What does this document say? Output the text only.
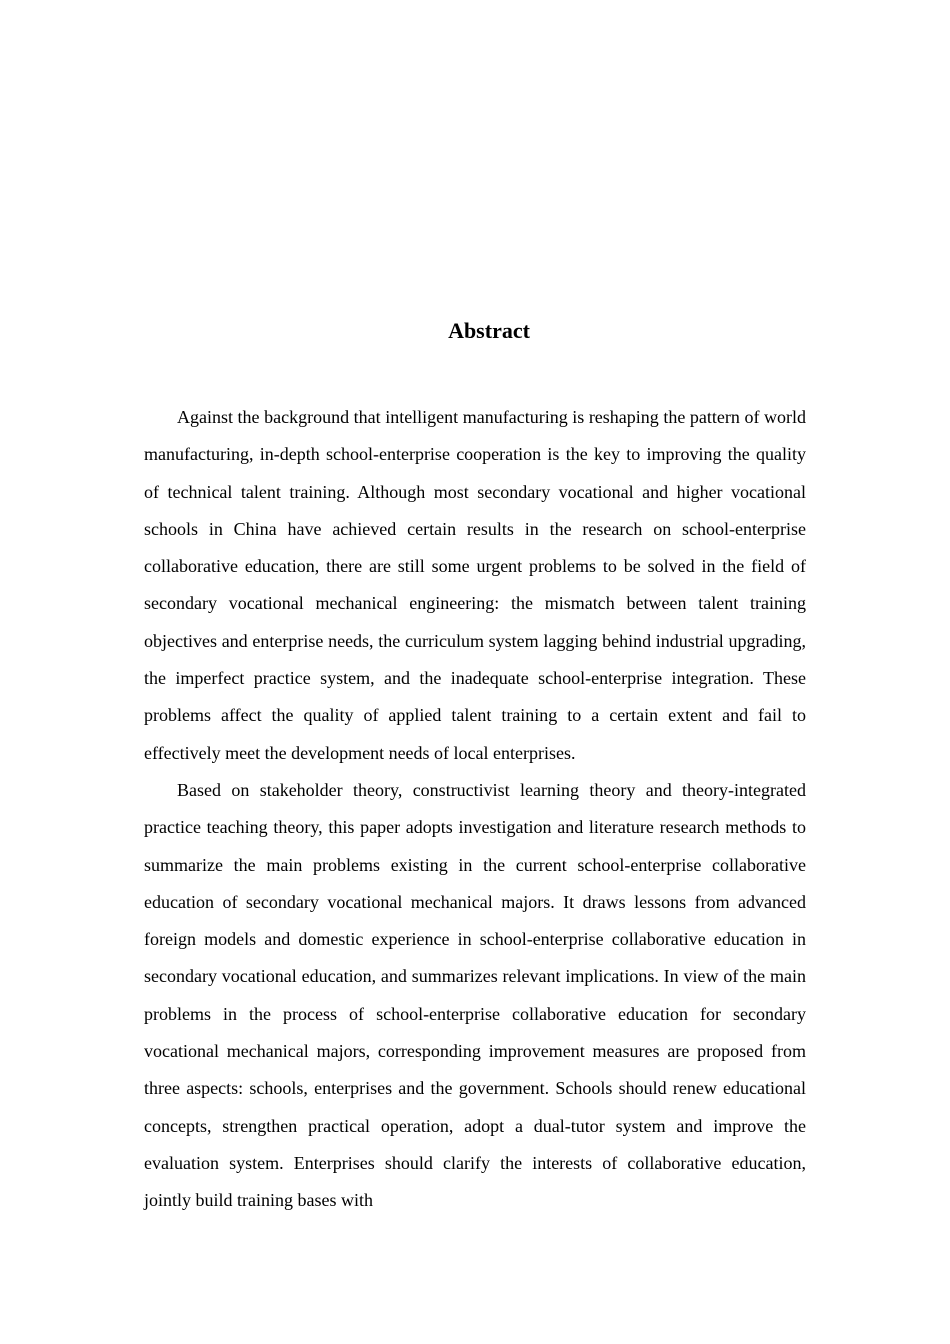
Abstract

Against the background that intelligent manufacturing is reshaping the pattern of world manufacturing, in-depth school-enterprise cooperation is the key to improving the quality of technical talent training. Although most secondary vocational and higher vocational schools in China have achieved certain results in the research on school-enterprise collaborative education, there are still some urgent problems to be solved in the field of secondary vocational mechanical engineering: the mismatch between talent training objectives and enterprise needs, the curriculum system lagging behind industrial upgrading, the imperfect practice system, and the inadequate school-enterprise integration. These problems affect the quality of applied talent training to a certain extent and fail to effectively meet the development needs of local enterprises.

Based on stakeholder theory, constructivist learning theory and theory-integrated practice teaching theory, this paper adopts investigation and literature research methods to summarize the main problems existing in the current school-enterprise collaborative education of secondary vocational mechanical majors. It draws lessons from advanced foreign models and domestic experience in school-enterprise collaborative education in secondary vocational education, and summarizes relevant implications. In view of the main problems in the process of school-enterprise collaborative education for secondary vocational mechanical majors, corresponding improvement measures are proposed from three aspects: schools, enterprises and the government. Schools should renew educational concepts, strengthen practical operation, adopt a dual-tutor system and improve the evaluation system. Enterprises should clarify the interests of collaborative education, jointly build training bases with
